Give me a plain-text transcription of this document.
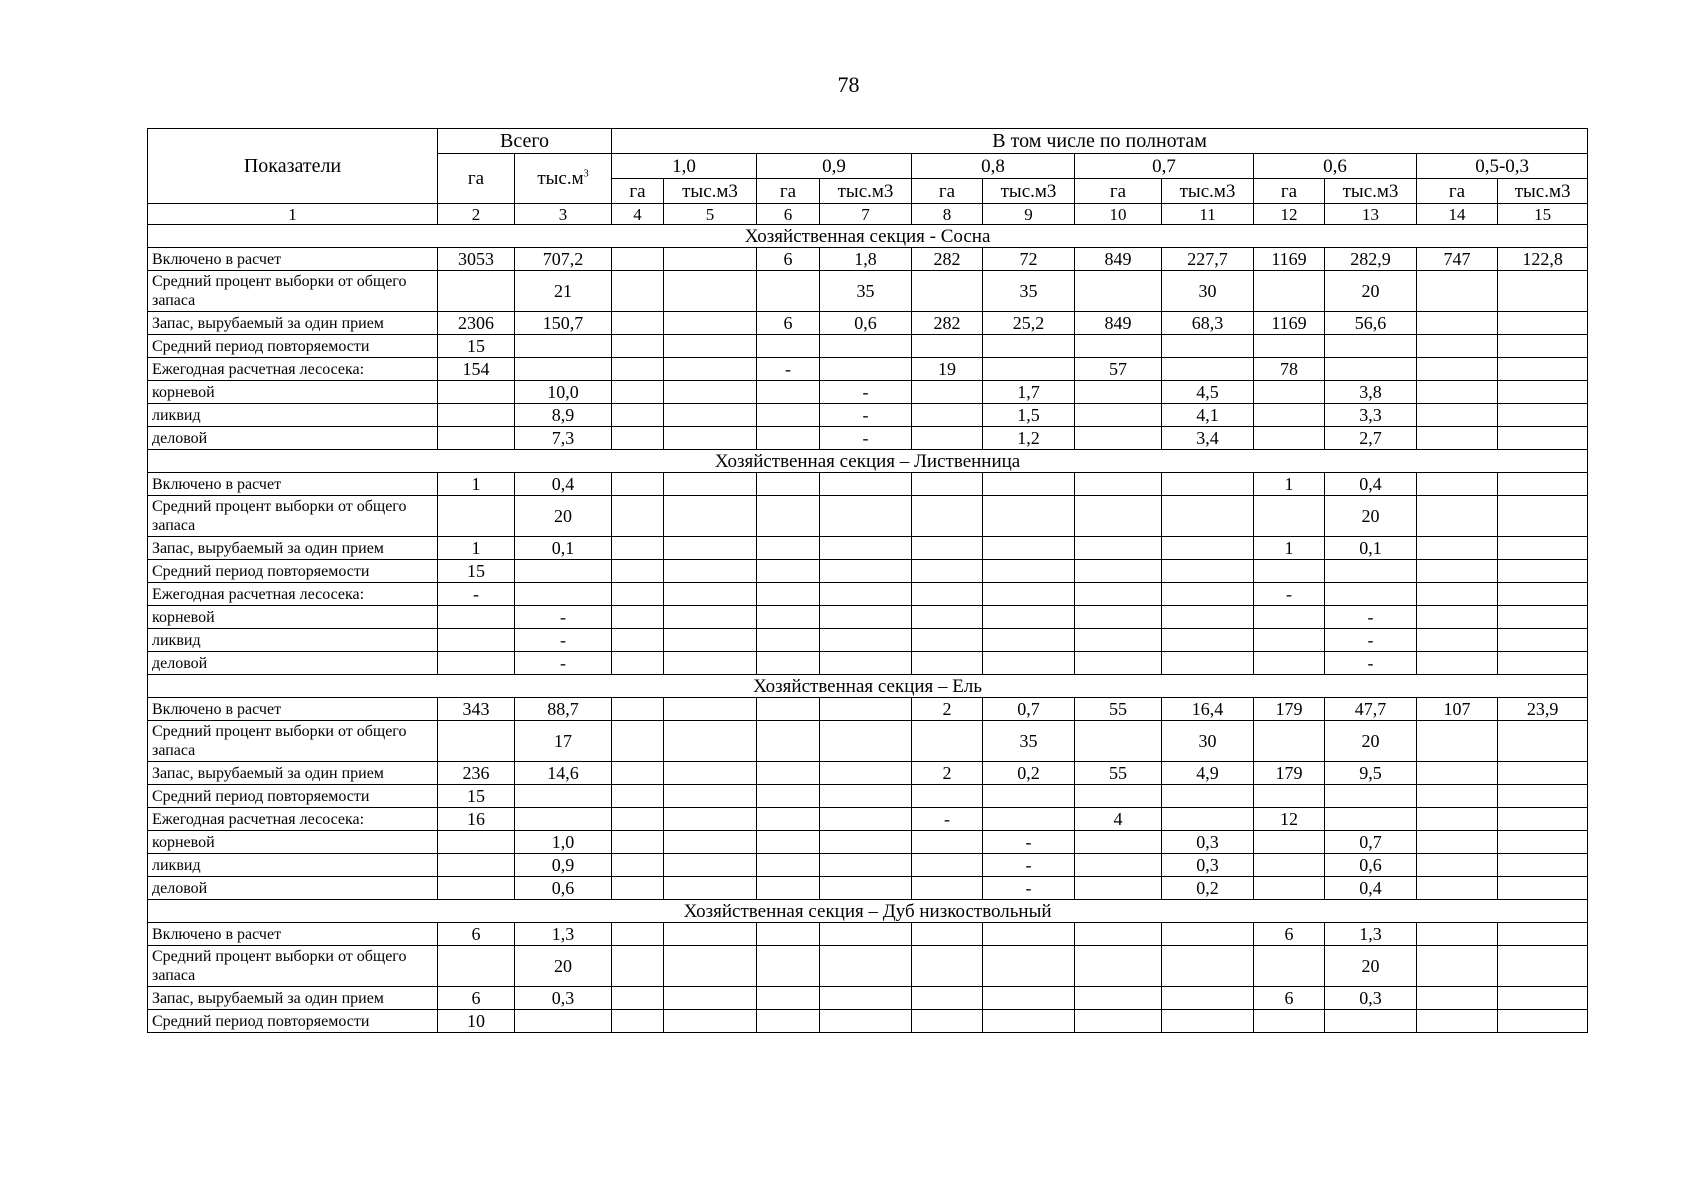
78
Показатели	Всего		В том числе по полнотам											
	га	$тыс.м^3$	1,0		0,9		0,8		0,7		0,6		0,5-0,3	
			га	тыс.м3	га	тыс.м3	га	тыс.м3	га	тыс.м3	га	тыс.м3	га	тыс.м3
1	2	3	4	5	6	7	8	9	10	11	12	13	14	15
Хозяйственная секция - Сосна														
Включено в расчет	3053	707,2			6	1,8	282	72	849	227,7	1169	282,9	747	122,8
Средний процент выборки от общего запаса		21				35		35		30		20		
Запас, вырубаемый за один прием	2306	150,7			6	0,6	282	25,2	849	68,3	1169	56,6		
Средний период повторяемости	15													
Ежегодная расчетная лесосека:	154				-		19		57		78			
корневой		10,0				-		1,7		4,5		3,8		
ликвид		8,9				-		1,5		4,1		3,3		
деловой		7,3				-		1,2		3,4		2,7		
Хозяйственная секция – Лиственница														
Включено в расчет	1	0,4									1	0,4		
Средний процент выборки от общего запаса		20										20		
Запас, вырубаемый за один прием	1	0,1									1	0,1		
Средний период повторяемости	15													
Ежегодная расчетная лесосека:	-										-			
корневой		-										-		
ликвид		-										-		
деловой		-										-		
Хозяйственная секция – Ель														
Включено в расчет	343	88,7					2	0,7	55	16,4	179	47,7	107	23,9
Средний процент выборки от общего запаса		17						35		30		20		
Запас, вырубаемый за один прием	236	14,6					2	0,2	55	4,9	179	9,5		
Средний период повторяемости	15													
Ежегодная расчетная лесосека:	16						-		4		12			
корневой		1,0						-		0,3		0,7		
ликвид		0,9						-		0,3		0,6		
деловой		0,6						-		0,2		0,4		
Хозяйственная секция – Дуб низкоствольный														
Включено в расчет	6	1,3									6	1,3		
Средний процент выборки от общего запаса		20										20		
Запас, вырубаемый за один прием	6	0,3									6	0,3		
Средний период повторяемости	10													
